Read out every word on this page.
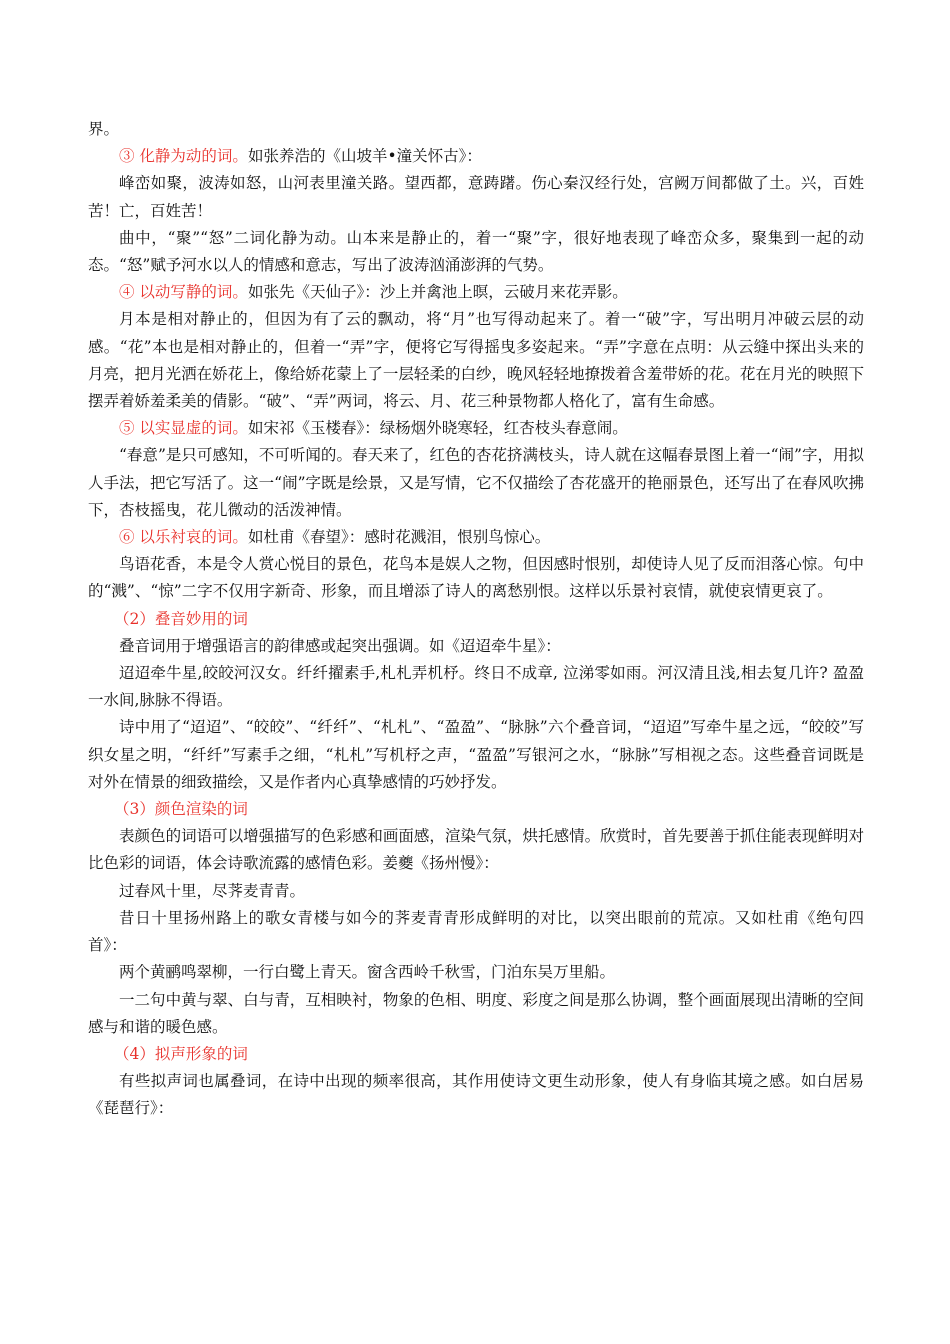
界。

③ 化静为动的词。如张养浩的《山坡羊•潼关怀古》：

峰峦如聚，波涛如怒，山河表里潼关路。望西都，意踌躇。伤心秦汉经行处，宫阙万间都做了土。兴，百姓苦！亡，百姓苦！

曲中，“聚”“怒”二词化静为动。山本来是静止的，着一“聚”字，很好地表现了峰峦众多，聚集到一起的动态。“怒”赋予河水以人的情感和意志，写出了波涛汹涌澎湃的气势。

④ 以动写静的词。如张先《天仙子》：沙上并禽池上暝，云破月来花弄影。

月本是相对静止的，但因为有了云的飘动，将“月”也写得动起来了。着一“破”字，写出明月冲破云层的动感。“花”本也是相对静止的，但着一“弄”字，便将它写得摇曳多姿起来。“弄”字意在点明：从云缝中探出头来的月亮，把月光洒在娇花上，像给娇花蒙上了一层轻柔的白纱，晚风轻轻地撩拨着含羞带娇的花。花在月光的映照下摆弄着娇羞柔美的倩影。“破”、“弄”两词，将云、月、花三种景物都人格化了，富有生命感。

⑤ 以实显虚的词。如宋祁《玉楼春》：绿杨烟外晓寒轻，红杏枝头春意闹。

“春意”是只可感知，不可听闻的。春天来了，红色的杏花挤满枝头，诗人就在这幅春景图上着一“闹”字，用拟人手法，把它写活了。这一“闹”字既是绘景，又是写情，它不仅描绘了杏花盛开的艳丽景色，还写出了在春风吹拂下，杏枝摇曳，花儿微动的活泼神情。

⑥ 以乐衬哀的词。如杜甫《春望》：感时花溅泪，恨别鸟惊心。

鸟语花香，本是令人赏心悦目的景色，花鸟本是娱人之物，但因感时恨别，却使诗人见了反而泪落心惊。句中的“溅”、“惊”二字不仅用字新奇、形象，而且增添了诗人的离愁别恨。这样以乐景衬哀情，就使哀情更哀了。

（2）叠音妙用的词

叠音词用于增强语言的韵律感或起突出强调。如《迢迢牵牛星》：

迢迢牵牛星,皎皎河汉女。纤纤擢素手,札札弄机杼。终日不成章, 泣涕零如雨。河汉清且浅,相去复几许? 盈盈一水间,脉脉不得语。

诗中用了“迢迢”、“皎皎”、“纤纤”、“札札”、“盈盈”、“脉脉”六个叠音词，“迢迢”写牵牛星之远，“皎皎”写织女星之明，“纤纤”写素手之细，“札札”写机杼之声，“盈盈”写银河之水，“脉脉”写相视之态。这些叠音词既是对外在情景的细致描绘，又是作者内心真挚感情的巧妙抒发。

（3）颜色渲染的词

表颜色的词语可以增强描写的色彩感和画面感，渲染气氛，烘托感情。欣赏时，首先要善于抓住能表现鲜明对比色彩的词语，体会诗歌流露的感情色彩。姜夔《扬州慢》：

过春风十里，尽荠麦青青。

昔日十里扬州路上的歌女青楼与如今的荠麦青青形成鲜明的对比，以突出眼前的荒凉。又如杜甫《绝句四首》：

两个黄鹂鸣翠柳，一行白鹭上青天。窗含西岭千秋雪，门泊东吴万里船。

一二句中黄与翠、白与青，互相映衬，物象的色相、明度、彩度之间是那么协调，整个画面展现出清晰的空间感与和谐的暖色感。

（4）拟声形象的词

有些拟声词也属叠词，在诗中出现的频率很高，其作用使诗文更生动形象，使人有身临其境之感。如白居易《琵琶行》：
